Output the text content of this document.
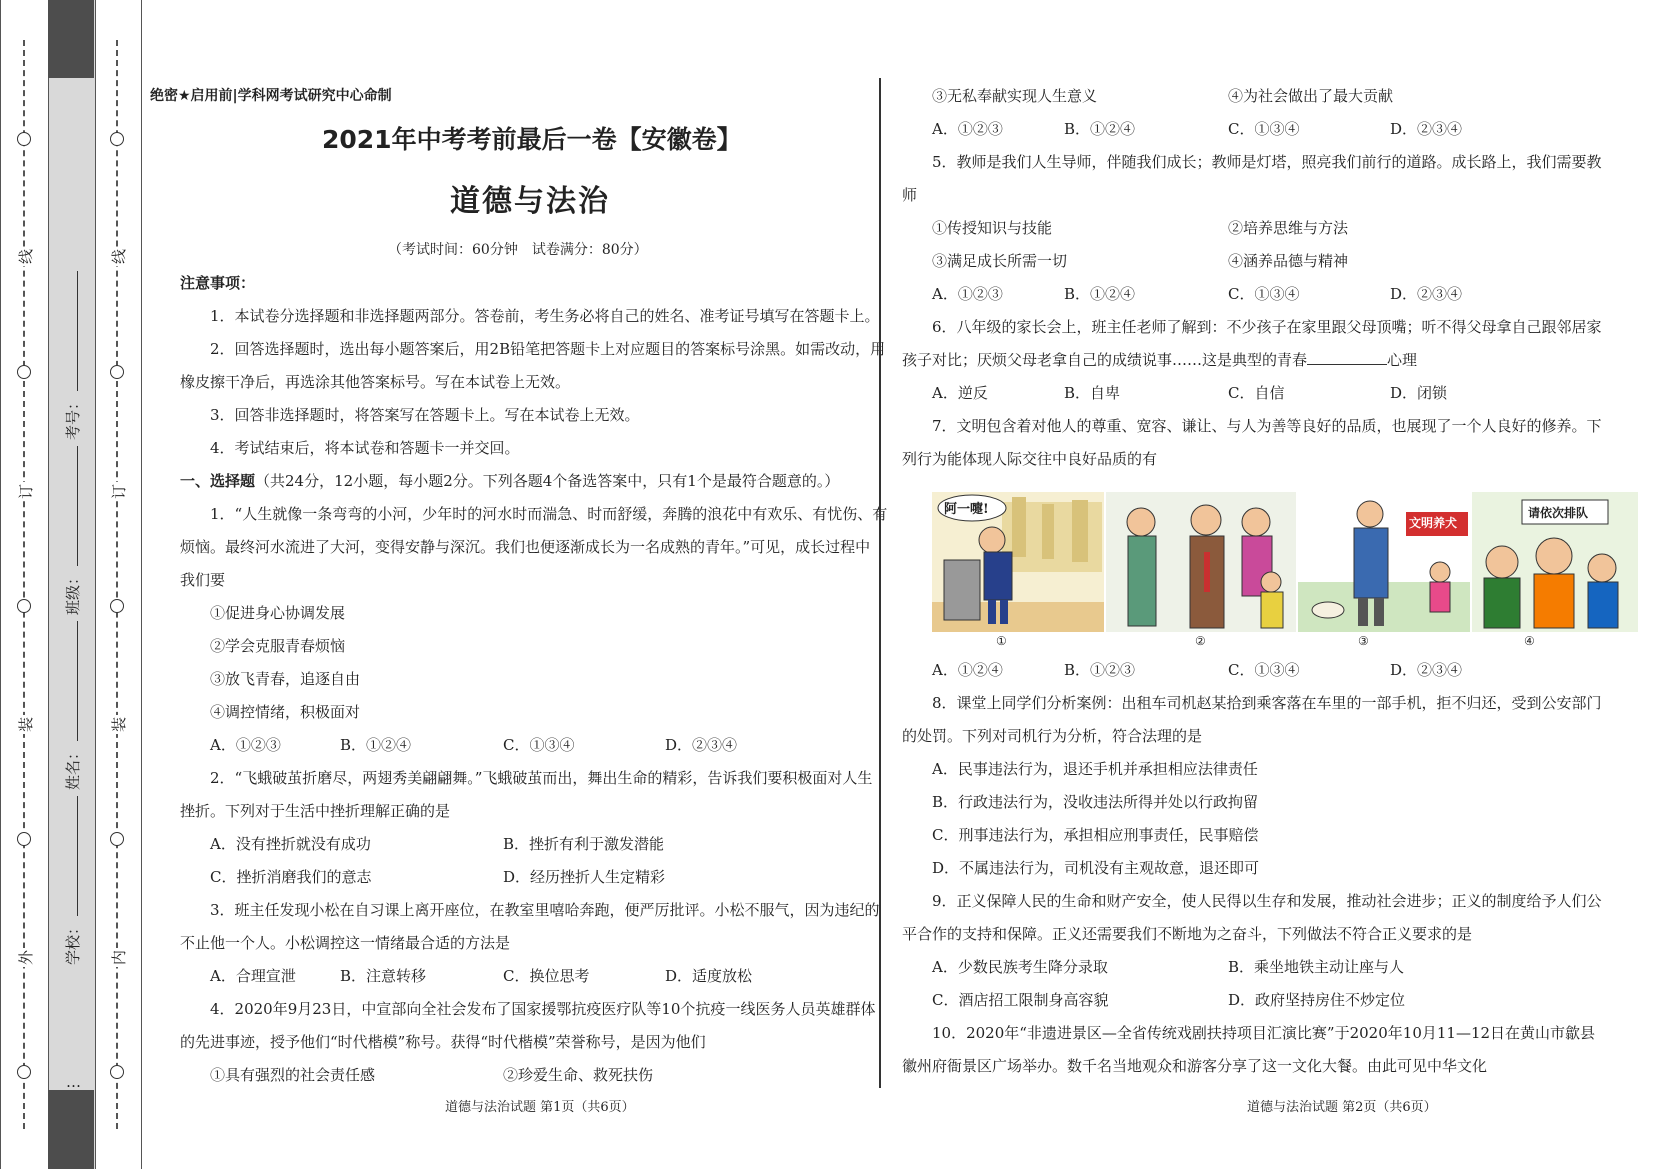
线
订
装
外
线
订
装
内
考号：
班级：
姓名：
学校：
…
绝密★启用前|学科网考试研究中心命制
2021年中考考前最后一卷【安徽卷】
道德与法治
（考试时间：60分钟　试卷满分：80分）
注意事项：
1．本试卷分选择题和非选择题两部分。答卷前，考生务必将自己的姓名、准考证号填写在答题卡上。
2．回答选择题时，选出每小题答案后，用2B铅笔把答题卡上对应题目的答案标号涂黑。如需改动，用
橡皮擦干净后，再选涂其他答案标号。写在本试卷上无效。
3．回答非选择题时，将答案写在答题卡上。写在本试卷上无效。
4．考试结束后，将本试卷和答题卡一并交回。
一、选择题（共24分，12小题，每小题2分。下列各题4个备选答案中，只有1个是最符合题意的。）
1．“人生就像一条弯弯的小河，少年时的河水时而湍急、时而舒缓，奔腾的浪花中有欢乐、有忧伤、有
烦恼。最终河水流进了大河，变得安静与深沉。我们也便逐渐成长为一名成熟的青年。”可见，成长过程中
我们要
①促进身心协调发展
②学会克服青春烦恼
③放飞青春，追逐自由
④调控情绪，积极面对
A．①②③	B．①②④	C．①③④	D．②③④
2．“飞蛾破茧折磨尽，两翅秀美翩翩舞。”飞蛾破茧而出，舞出生命的精彩，告诉我们要积极面对人生
挫折。下列对于生活中挫折理解正确的是
A．没有挫折就没有成功	B．挫折有利于激发潜能
C．挫折消磨我们的意志	D．经历挫折人生定精彩
3．班主任发现小松在自习课上离开座位，在教室里嘻哈奔跑，便严厉批评。小松不服气，因为违纪的
不止他一个人。小松调控这一情绪最合适的方法是
A．合理宣泄	B．注意转移	C．换位思考	D．适度放松
4．2020年9月23日，中宣部向全社会发布了国家援鄂抗疫医疗队等10个抗疫一线医务人员英雄群体
的先进事迹，授予他们“时代楷模”称号。获得“时代楷模”荣誉称号，是因为他们
①具有强烈的社会责任感	②珍爱生命、救死扶伤
道德与法治试题 第1页（共6页）
③无私奉献实现人生意义	④为社会做出了最大贡献
A．①②③	B．①②④	C．①③④	D．②③④
5．教师是我们人生导师，伴随我们成长；教师是灯塔，照亮我们前行的道路。成长路上，我们需要教
师
①传授知识与技能	②培养思维与方法
③满足成长所需一切	④涵养品德与精神
A．①②③	B．①②④	C．①③④	D．②③④
6．八年级的家长会上，班主任老师了解到：不少孩子在家里跟父母顶嘴；听不得父母拿自己跟邻居家
孩子对比；厌烦父母老拿自己的成绩说事……这是典型的青春	心理
A．逆反	B．自卑	C．自信	D．闭锁
7．文明包含着对他人的尊重、宽容、谦让、与人为善等良好的品质，也展现了一个人良好的修养。下
列行为能体现人际交往中良好品质的有
阿一嚏!
文明养犬
请依次排队
①	②	③	④
A．①②④	B．①②③	C．①③④	D．②③④
8．课堂上同学们分析案例：出租车司机赵某拾到乘客落在车里的一部手机，拒不归还，受到公安部门
的处罚。下列对司机行为分析，符合法理的是
A．民事违法行为，退还手机并承担相应法律责任
B．行政违法行为，没收违法所得并处以行政拘留
C．刑事违法行为，承担相应刑事责任，民事赔偿
D．不属违法行为，司机没有主观故意，退还即可
9．正义保障人民的生命和财产安全，使人民得以生存和发展，推动社会进步；正义的制度给予人们公
平合作的支持和保障。正义还需要我们不断地为之奋斗，下列做法不符合正义要求的是
A．少数民族考生降分录取	B．乘坐地铁主动让座与人
C．酒店招工限制身高容貌	D．政府坚持房住不炒定位
10．2020年“非遗进景区—全省传统戏剧扶持项目汇演比赛”于2020年10月11—12日在黄山市歙县
徽州府衙景区广场举办。数千名当地观众和游客分享了这一文化大餐。由此可见中华文化
道德与法治试题 第2页（共6页）
